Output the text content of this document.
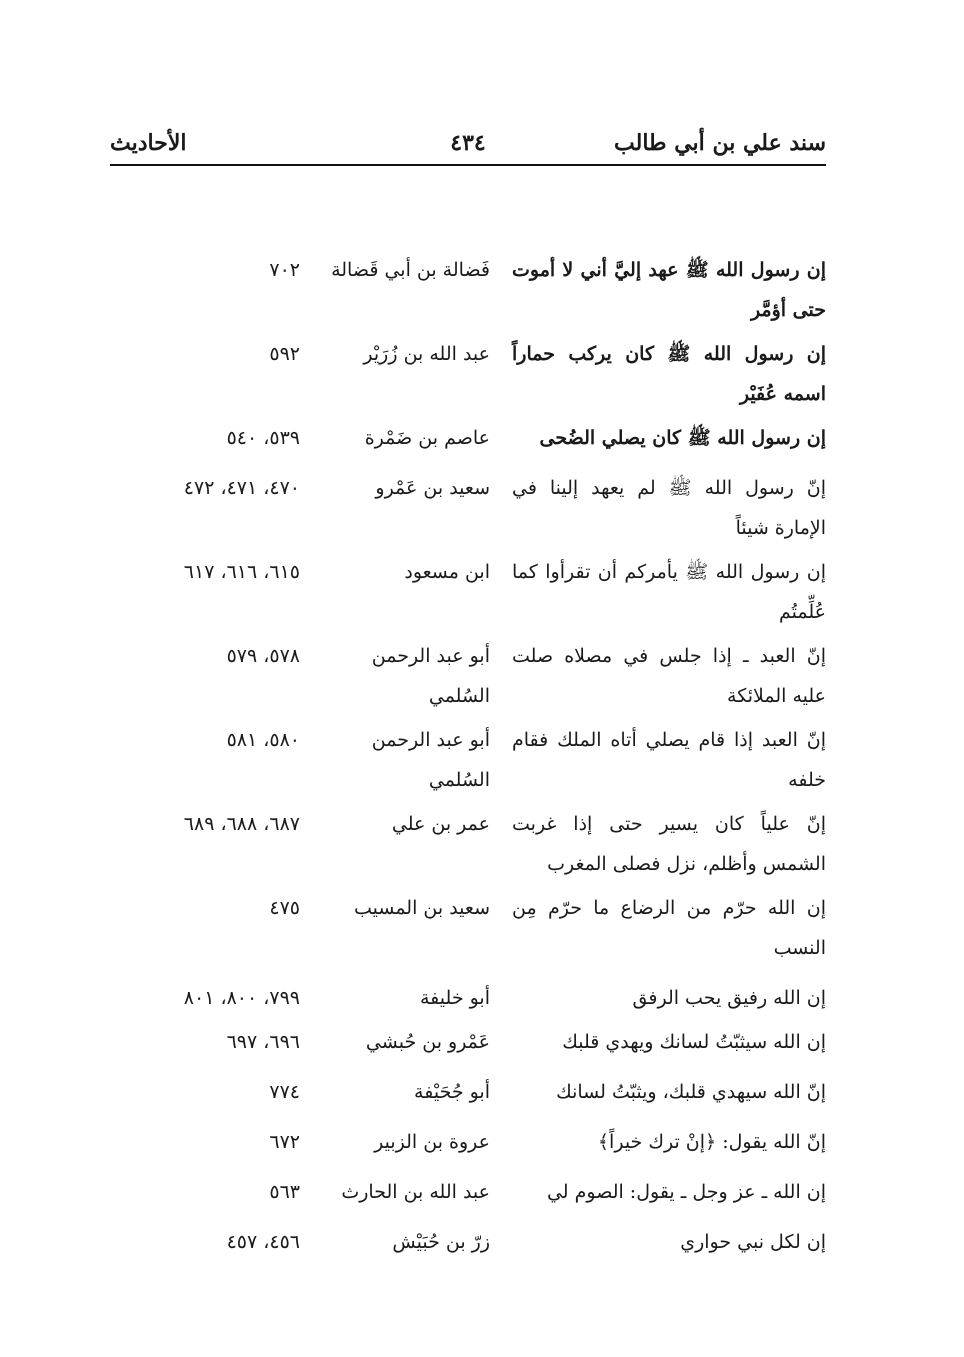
سند علي بن أبي طالب
٤٣٤
الأحاديث
إن رسول الله ﷺ عهد إليَّ أني لا أموت حتى أؤمَّر
فَضالة بن أبي قَضالة
٧٠٢
إن رسول الله ﷺ كان يركب حماراً اسمه عُفَيْر
عبد الله بن زُرَيْر
٥٩٢
إن رسول الله ﷺ كان يصلي الضُحى
عاصم بن ضَمْرة
٥٣٩، ٥٤٠
إنّ رسول الله ﷺ لم يعهد إلينا في الإمارة شيئاً
سعيد بن عَمْرو
٤٧٠، ٤٧١، ٤٧٢
إن رسول الله ﷺ يأمركم أن تقرأوا كما عُلِّمتُم
ابن مسعود
٦١٥، ٦١٦، ٦١٧
إنّ العبد ـ إذا جلس في مصلاه صلت عليه الملائكة
أبو عبد الرحمن السُلمي
٥٧٨، ٥٧٩
إنّ العبد إذا قام يصلي أتاه الملك فقام خلفه
أبو عبد الرحمن السُلمي
٥٨٠، ٥٨١
إنّ علياً كان يسير حتى إذا غربت الشمس وأظلم، نزل فصلى المغرب
عمر بن علي
٦٨٧، ٦٨٨، ٦٨٩
إن الله حرّم من الرضاع ما حرّم مِن النسب
سعيد بن المسيب
٤٧٥
إن الله رفيق يحب الرفق
أبو خليفة
٧٩٩، ٨٠٠، ٨٠١
إن الله سيثبّتُ لسانك ويهدي قلبك
عَمْرو بن حُبشي
٦٩٦، ٦٩٧
إنّ الله سيهدي قلبك، ويثبّتُ لسانك
أبو جُحَيْفة
٧٧٤
إنّ الله يقول: ﴿إنْ ترك خيراً﴾
عروة بن الزبير
٦٧٢
إن الله ـ عز وجل ـ يقول: الصوم لي
عبد الله بن الحارث
٥٦٣
إن لكل نبي حواري
زرّ بن حُبَيْش
٤٥٦، ٤٥٧
